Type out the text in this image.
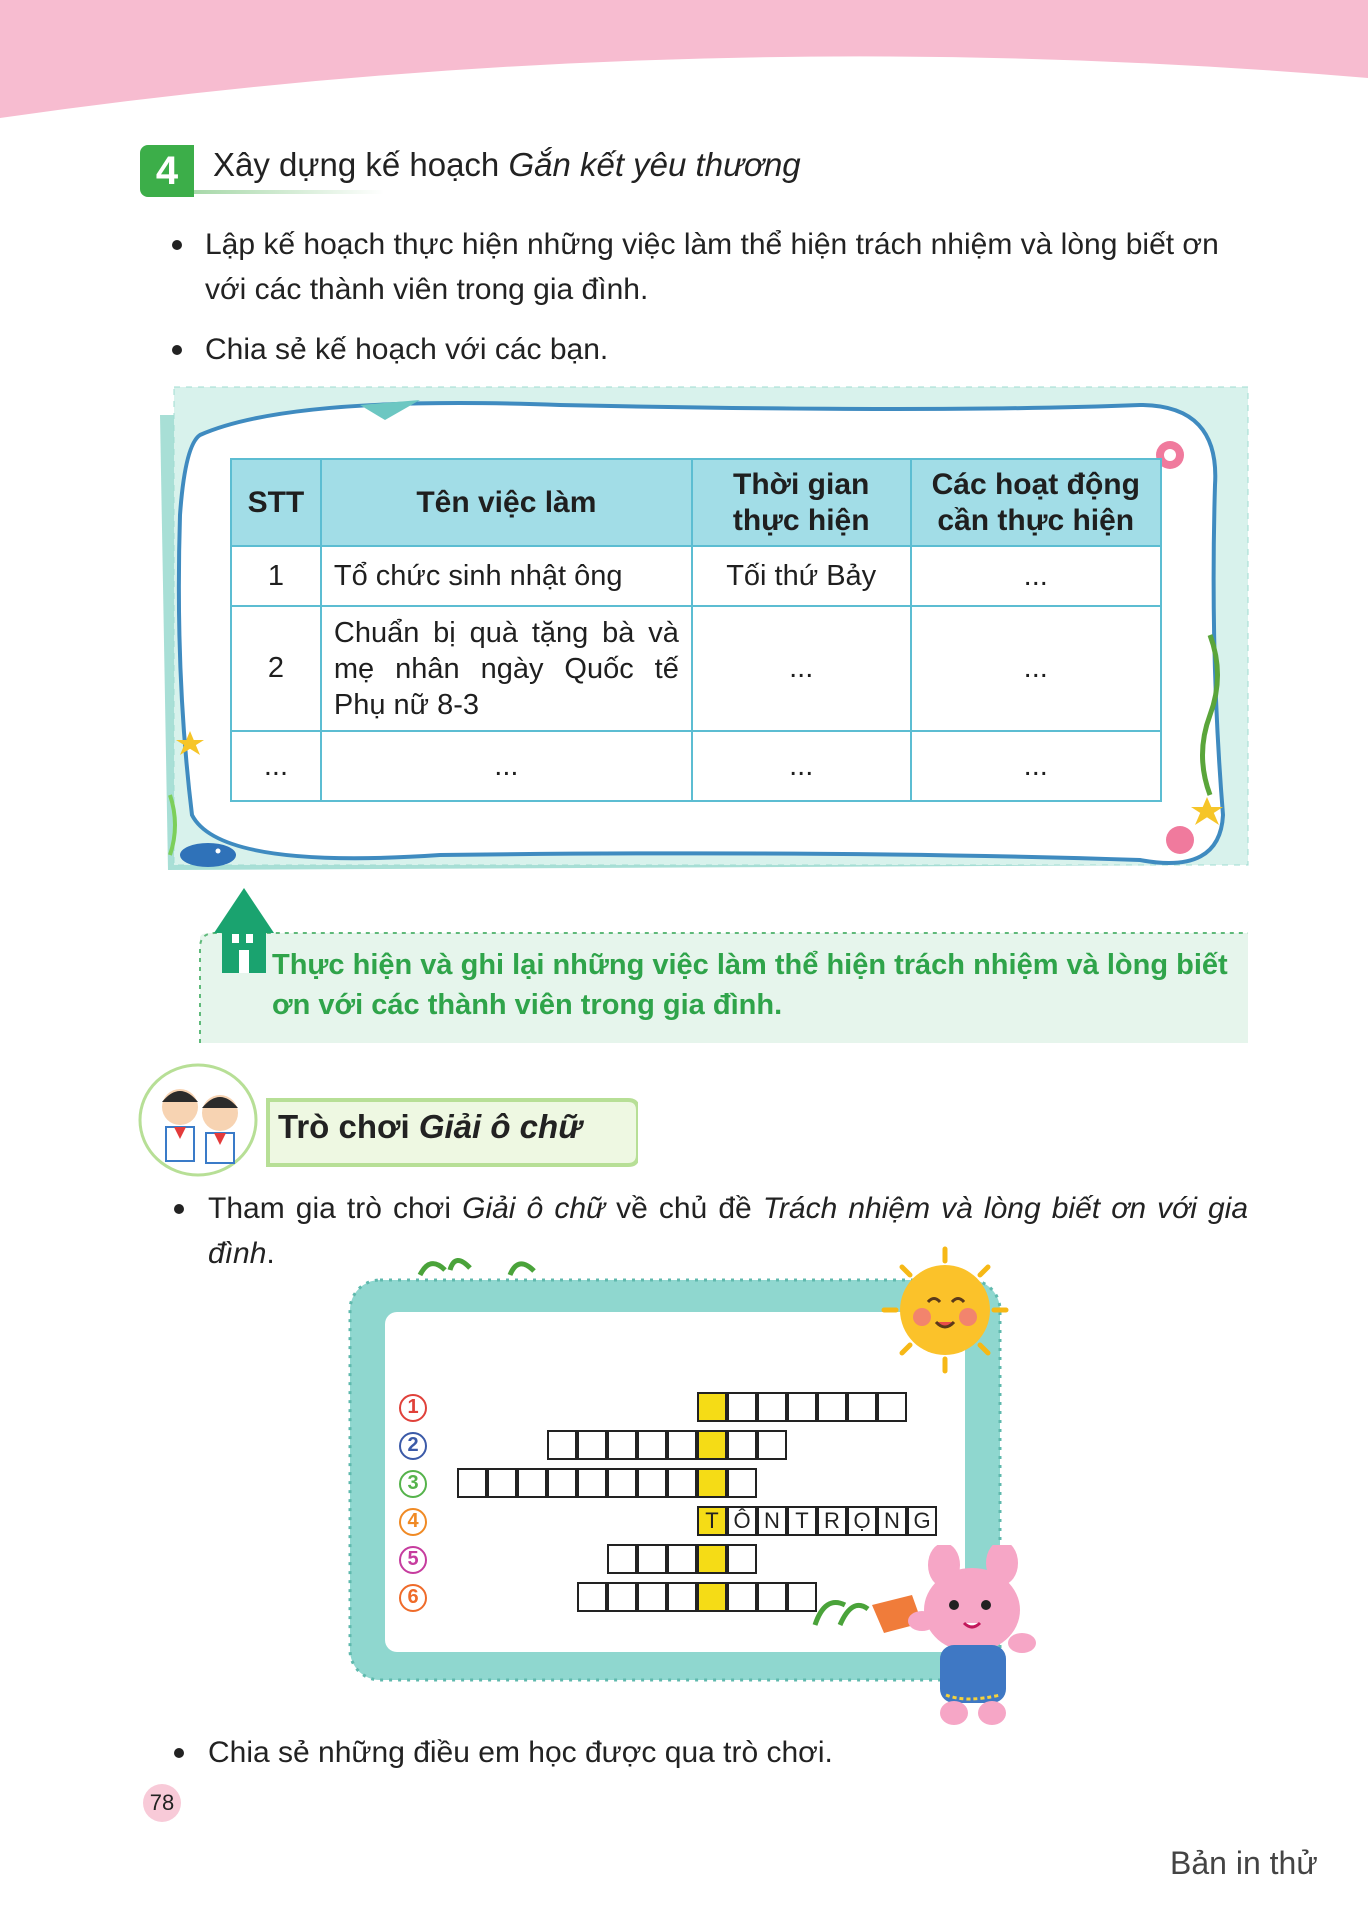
4	Xây dựng kế hoạch Gắn kết yêu thương
Lập kế hoạch thực hiện những việc làm thể hiện trách nhiệm và lòng biết ơn với các thành viên trong gia đình.
Chia sẻ kế hoạch với các bạn.
STT	Tên việc làm	Thời gian thực hiện	Các hoạt động cần thực hiện
1	Tổ chức sinh nhật ông	Tối thứ Bảy	...
2	Chuẩn bị quà tặng bà và mẹ nhân ngày Quốc tế Phụ nữ 8-3	...	...
...	...	...	...
Thực hiện và ghi lại những việc làm thể hiện trách nhiệm và lòng biết ơn với các thành viên trong gia đình.
Trò chơi Giải ô chữ
Tham gia trò chơi Giải ô chữ về chủ đề Trách nhiệm và lòng biết ơn với gia đình.
1
2
3
4
5
6
T Ô N T R Ọ N G
Chia sẻ những điều em học được qua trò chơi.
78
Bản in thử
